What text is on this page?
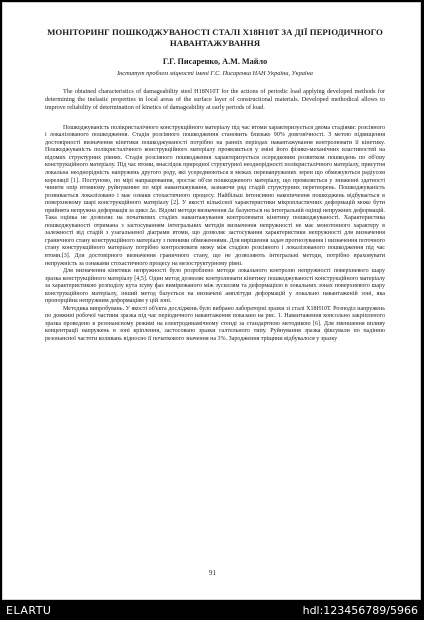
МОНІТОРИНГ ПОШКОДЖУВАНОСТІ СТАЛІ Х18Н10Т ЗА ДІЇ ПЕРІОДИЧНОГО НАВАНТАЖУВАННЯ
Г.Г. Писаренко, А.М. Майло
Інститут проблем міцності імені Г.С. Писаренка НАН України, Україна
The obtained characteristics of damageability steel H18N10T for the actions of periodic load applying developed methods for determining the inelastic properties in local areas of the surface layer of constructional materials. Developed methodical allows to improve reliability of determination of kinetics of damageability at early periods of load.

Пошкоджуваність полікристалічного конструкційного матеріалу під час втоми характеризується двома стадіями: розсіяного і локалізованого пошкодження. Стадія розсіяного пошкодження становить близько 90% довговічності. З метою підвищення достовірності визначення кінетики пошкоджуваності потрібно на ранніх періодах навантажування контролювати її кінетику. Пошкоджуваність полікристалічного конструкційного матеріалу проявляється у зміні його фізико-механічних властивостей на відомих структурних рівнях. Стадія розсіяного пошкодження характеризується осередковим розвитком пошкодень по об'єму конструкційного матеріалу. Під час втоми, внаслідок природної структурної неоднорідності полікристалічного матеріалу, присутня локальна неоднорідність напружень другого роду, які усереднюються в межах перенапружених зерен що обмежуються радіусом кореляції [1]. Поступово, по мірі напрацювання, зростає об'єм пошкодженого матеріалу, що проявляється у зниженні здатності чинити опір втомному руйнуванню по мірі навантажування, зазнаючи ряд стадій структурних перетворень. Пошкоджуваність розвивається локалізовано і має ознаки стохастичного процесу. Найбільш інтенсивно накопичення пошкоджень відбувається в поверхневому шарі конструкційного матеріалу [2]. У якості кількісної характеристики мікропластичних деформацій може бути прийнята непружна деформація за цикл Δε. Відомі методи визначення Δε базуються на інтегральній оцінці непружних деформацій. Така оцінка не дозволяє на початкових стадіях навантажування контролювати кінетику пошкоджуваності. Характеристика пошкоджуваності отримана з застосуванням інтегральних методів визначення непружності не має монотонного характеру в залежності від стадій з узагальненої діаграми втоми, що дозволяє застосування характеристики непружності для визначення граничного стану конструкційного матеріалу з певними обмеженнями. Для вирішення задач прогнозування і визначення поточного стану конструкційного матеріалу потрібно контролювати межу між стадією розсіяного і локалізованого пошкодження під час втоми.[3]. Для достовірного визначення граничного стану, що не дозволяють інтегральні методи, потрібно враховувати непружність за ознаками стохастичного процесу на мезоструктурному рівні.

Для визначення кінетики непружності було розроблено методи локального контролю непружності поверхневого шару зразка конструкційного матеріалу [4,5]. Один метод дозволяє контролювати кінетику пошкоджуваності конструкційного матеріалу за характеристикою розподілу кута зсуву фаз вимірюваного між зусиллям та деформацією в локальних зонах поверхневого шару конструкційного матеріалу, інший метод базується на визначені амплітуди деформацій у локально навантаженій зоні, яка пропорційна непружним деформаціям у цій зоні.

Методика випробувань. У якості об'єкта досліджень було вибрано лабораторні зразки зі сталі Х18Н10Т. Розподіл напружень по довжині робочої частини зразка під час періодичного навантаження показано на рис. 1. Навантаження консольно закріпленого зразка проведено в резонансному режимі на електродинамічному стенді за стандартною методикою [6]. Для зменшення впливу концентрації напружень в зоні кріплення, застосовано зразки галтельного типу. Руйнування зразка фіксували по падінню резонансної частоти коливань відносно її початкового значення на 3%. Зародження тріщини відбувалося у зразку

91
ELARTU	hdl:123456789/5966
